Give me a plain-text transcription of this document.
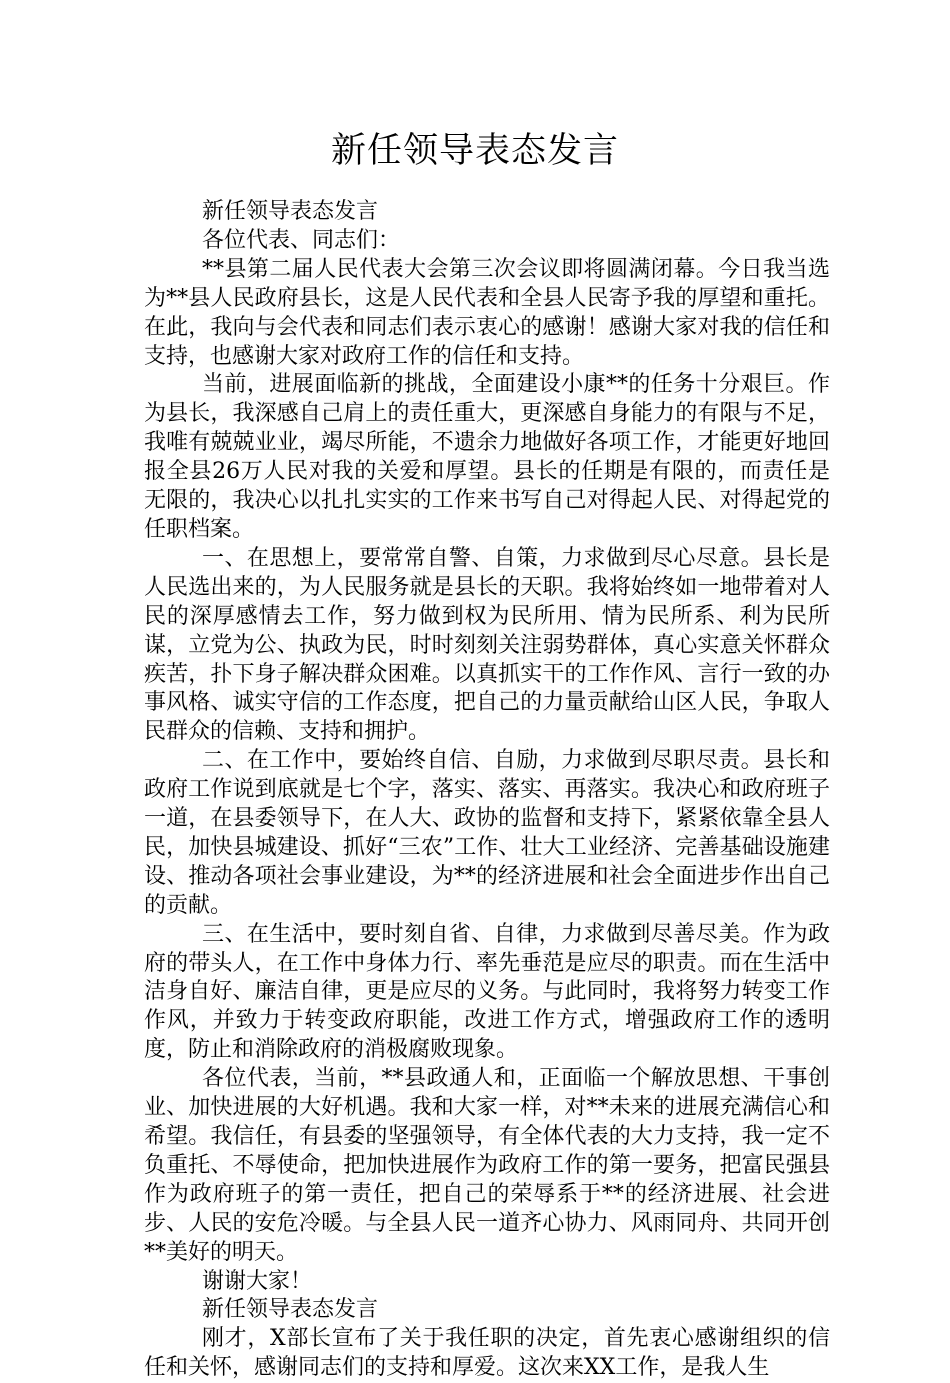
新任领导表态发言

新任领导表态发言

各位代表、同志们：

**县第二届人民代表大会第三次会议即将圆满闭幕。今日我当选为**县人民政府县长，这是人民代表和全县人民寄予我的厚望和重托。在此，我向与会代表和同志们表示衷心的感谢！感谢大家对我的信任和支持，也感谢大家对政府工作的信任和支持。

当前，进展面临新的挑战，全面建设小康**的任务十分艰巨。作为县长，我深感自己肩上的责任重大，更深感自身能力的有限与不足，我唯有兢兢业业，竭尽所能，不遗余力地做好各项工作，才能更好地回报全县26万人民对我的关爱和厚望。县长的任期是有限的，而责任是无限的，我决心以扎扎实实的工作来书写自己对得起人民、对得起党的任职档案。

一、在思想上，要常常自警、自策，力求做到尽心尽意。县长是人民选出来的，为人民服务就是县长的天职。我将始终如一地带着对人民的深厚感情去工作，努力做到权为民所用、情为民所系、利为民所谋，立党为公、执政为民，时时刻刻关注弱势群体，真心实意关怀群众疾苦，扑下身子解决群众困难。以真抓实干的工作作风、言行一致的办事风格、诚实守信的工作态度，把自己的力量贡献给山区人民，争取人民群众的信赖、支持和拥护。

二、在工作中，要始终自信、自励，力求做到尽职尽责。县长和政府工作说到底就是七个字，落实、落实、再落实。我决心和政府班子一道，在县委领导下，在人大、政协的监督和支持下，紧紧依靠全县人民，加快县城建设、抓好“三农”工作、壮大工业经济、完善基础设施建设、推动各项社会事业建设，为**的经济进展和社会全面进步作出自己的贡献。

三、在生活中，要时刻自省、自律，力求做到尽善尽美。作为政府的带头人，在工作中身体力行、率先垂范是应尽的职责。而在生活中洁身自好、廉洁自律，更是应尽的义务。与此同时，我将努力转变工作作风，并致力于转变政府职能，改进工作方式，增强政府工作的透明度，防止和消除政府的消极腐败现象。

各位代表，当前，**县政通人和，正面临一个解放思想、干事创业、加快进展的大好机遇。我和大家一样，对**未来的进展充满信心和希望。我信任，有县委的坚强领导，有全体代表的大力支持，我一定不负重托、不辱使命，把加快进展作为政府工作的第一要务，把富民强县作为政府班子的第一责任，把自己的荣辱系于**的经济进展、社会进步、人民的安危冷暖。与全县人民一道齐心协力、风雨同舟、共同开创**美好的明天。

谢谢大家！

新任领导表态发言

刚才，X部长宣布了关于我任职的决定，首先衷心感谢组织的信任和关怀，感谢同志们的支持和厚爱。这次来XX工作，是我人生
